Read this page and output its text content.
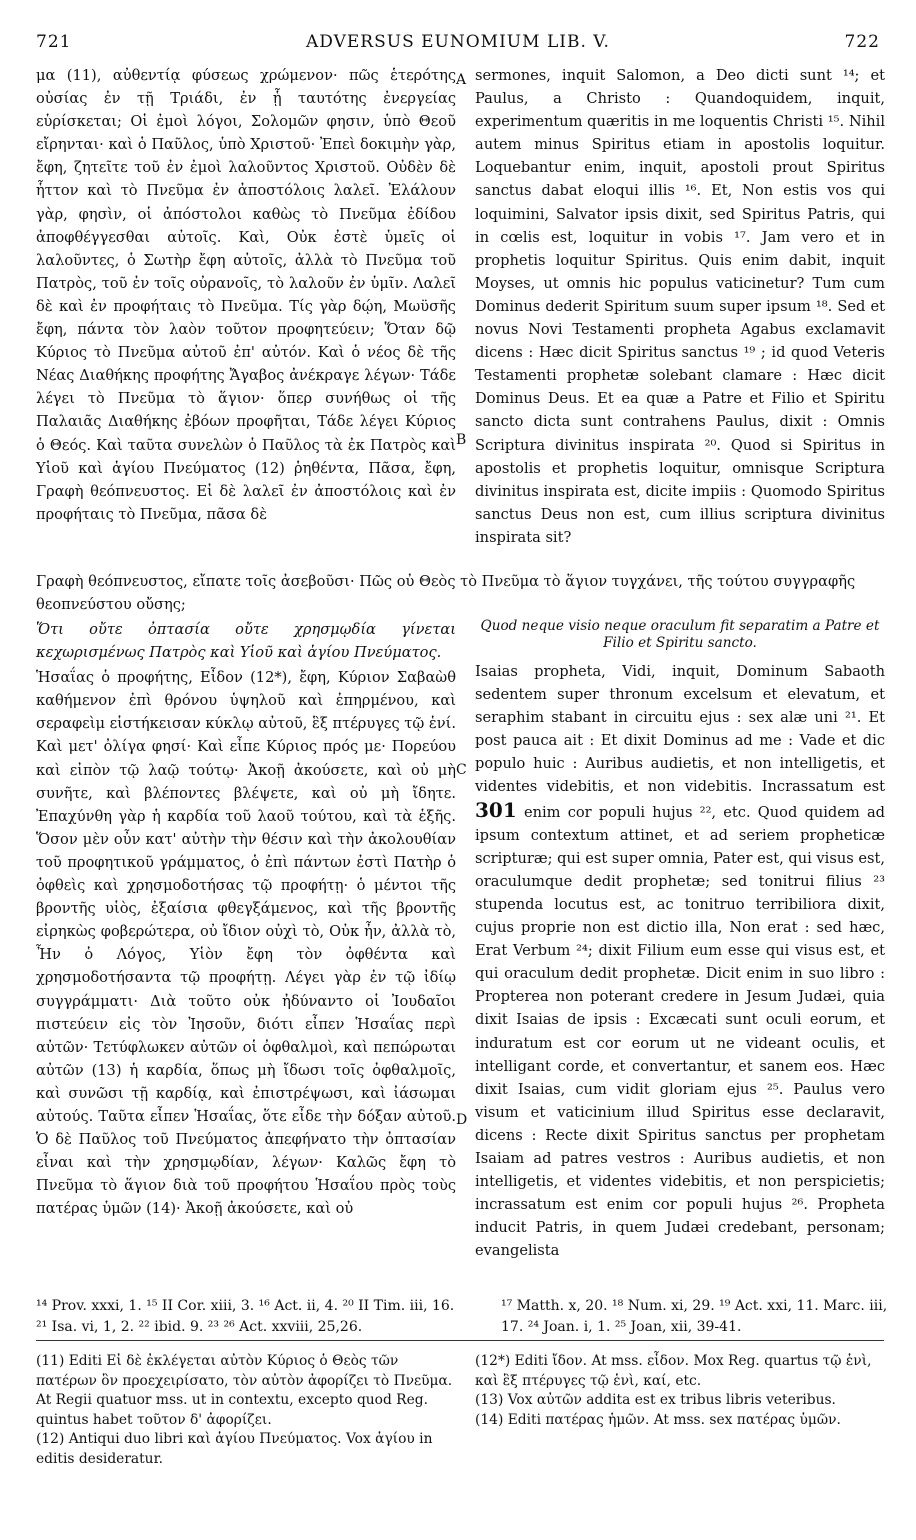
721	ADVERSUS EUNOMIUM LIB. V.	722

μα (11), αὐθεντίᾳ φύσεως χρώμενον· πῶς ἑτερότης οὐσίας ἐν τῇ Τριάδι, ἐν ᾗ ταυτότης ἐνεργείας εὑρίσκεται; Οἱ ἐμοὶ λόγοι, Σολομῶν φησιν, ὑπὸ Θεοῦ εἴρηνται· καὶ ὁ Παῦλος, ὑπὸ Χριστοῦ· Ἐπεὶ δοκιμὴν γὰρ, ἔφη, ζητεῖτε τοῦ ἐν ἐμοὶ λαλοῦντος Χριστοῦ. Οὐδὲν δὲ ἧττον καὶ τὸ Πνεῦμα ἐν ἀποστόλοις λαλεῖ. Ἐλάλουν γὰρ, φησὶν, οἱ ἀπόστολοι καθὼς τὸ Πνεῦμα ἐδίδου ἀποφθέγγεσθαι αὐτοῖς. Καὶ, Οὐκ ἐστὲ ὑμεῖς οἱ λαλοῦντες, ὁ Σωτὴρ ἔφη αὐτοῖς, ἀλλὰ τὸ Πνεῦμα τοῦ Πατρὸς, τοῦ ἐν τοῖς οὐρανοῖς, τὸ λαλοῦν ἐν ὑμῖν. Λαλεῖ δὲ καὶ ἐν προφήταις τὸ Πνεῦμα. Τίς γὰρ δῴη, Μωϋσῆς ἔφη, πάντα τὸν λαὸν τοῦτον προφητεύειν; Ὅταν δῷ Κύριος τὸ Πνεῦμα αὐτοῦ ἐπ' αὐτόν. Καὶ ὁ νέος δὲ τῆς Νέας Διαθήκης προφήτης Ἄγαβος ἀνέκραγε λέγων· Τάδε λέγει τὸ Πνεῦμα τὸ ἅγιον· ὅπερ συνήθως οἱ τῆς Παλαιᾶς Διαθήκης ἐβόων προφῆται, Τάδε λέγει Κύριος ὁ Θεός. Καὶ ταῦτα συνελὼν ὁ Παῦλος τὰ ἐκ Πατρὸς καὶ Υἱοῦ καὶ ἁγίου Πνεύματος (12) ῥηθέντα, Πᾶσα, ἔφη, Γραφὴ θεόπνευστος. Εἰ δὲ λαλεῖ ἐν ἀποστόλοις καὶ ἐν προφήταις τὸ Πνεῦμα, πᾶσα δὲ

sermones, inquit Salomon, a Deo dicti sunt ¹⁴; et Paulus, a Christo : Quandoquidem, inquit, experimentum quæritis in me loquentis Christi ¹⁵. Nihil autem minus Spiritus etiam in apostolis loquitur. Loquebantur enim, inquit, apostoli prout Spiritus sanctus dabat eloqui illis ¹⁶. Et, Non estis vos qui loquimini, Salvator ipsis dixit, sed Spiritus Patris, qui in cœlis est, loquitur in vobis ¹⁷. Jam vero et in prophetis loquitur Spiritus. Quis enim dabit, inquit Moyses, ut omnis hic populus vaticinetur? Tum cum Dominus dederit Spiritum suum super ipsum ¹⁸. Sed et novus Novi Testamenti propheta Agabus exclamavit dicens : Hæc dicit Spiritus sanctus ¹⁹ ; id quod Veteris Testamenti prophetæ solebant clamare : Hæc dicit Dominus Deus. Et ea quæ a Patre et Filio et Spiritu sancto dicta sunt contrahens Paulus, dixit : Omnis Scriptura divinitus inspirata ²⁰. Quod si Spiritus in apostolis et prophetis loquitur, omnisque Scriptura divinitus inspirata est, dicite impiis : Quomodo Spiritus sanctus Deus non est, cum illius scriptura divinitus inspirata sit?

A
B
C
D
Γραφὴ θεόπνευστος, εἴπατε τοῖς ἀσεβοῦσι· Πῶς οὐ Θεὸς τὸ Πνεῦμα τὸ ἅγιον τυγχάνει, τῆς τούτου συγγραφῆς θεοπνεύστου οὔσης;

Ὅτι οὔτε ὀπτασία οὔτε χρησμῳδία γίνεται κεχωρισμένως Πατρὸς καὶ Υἱοῦ καὶ ἁγίου Πνεύματος.

Ἡσαΐας ὁ προφήτης, Εἶδον (12*), ἔφη, Κύριον Σαβαὼθ καθήμενον ἐπὶ θρόνου ὑψηλοῦ καὶ ἐπηρμένου, καὶ σεραφεὶμ εἱστήκεισαν κύκλῳ αὐτοῦ, ἓξ πτέρυγες τῷ ἑνί. Καὶ μετ' ὀλίγα φησί· Καὶ εἶπε Κύριος πρός με· Πορεύου καὶ εἰπὸν τῷ λαῷ τούτῳ· Ἀκοῇ ἀκούσετε, καὶ οὐ μὴ συνῆτε, καὶ βλέποντες βλέψετε, καὶ οὐ μὴ ἴδητε. Ἐπαχύνθη γὰρ ἡ καρδία τοῦ λαοῦ τούτου, καὶ τὰ ἑξῆς. Ὅσον μὲν οὖν κατ' αὐτὴν τὴν θέσιν καὶ τὴν ἀκολουθίαν τοῦ προφητικοῦ γράμματος, ὁ ἐπὶ πάντων ἐστὶ Πατὴρ ὁ ὀφθεὶς καὶ χρησμοδοτήσας τῷ προφήτῃ· ὁ μέντοι τῆς βροντῆς υἱὸς, ἐξαίσια φθεγξάμενος, καὶ τῆς βροντῆς εἰρηκὼς φοβερώτερα, οὐ ἴδιον οὐχὶ τὸ, Οὐκ ἦν, ἀλλὰ τὸ, Ἦν ὁ Λόγος, Υἱὸν ἔφη τὸν ὀφθέντα καὶ χρησμοδοτήσαντα τῷ προφήτῃ. Λέγει γὰρ ἐν τῷ ἰδίῳ συγγράμματι· Διὰ τοῦτο οὐκ ἠδύναντο οἱ Ἰουδαῖοι πιστεύειν εἰς τὸν Ἰησοῦν, διότι εἶπεν Ἡσαΐας περὶ αὐτῶν· Τετύφλωκεν αὐτῶν οἱ ὀφθαλμοὶ, καὶ πεπώρωται αὐτῶν (13) ἡ καρδία, ὅπως μὴ ἴδωσι τοῖς ὀφθαλμοῖς, καὶ συνῶσι τῇ καρδίᾳ, καὶ ἐπιστρέψωσι, καὶ ἰάσωμαι αὐτούς. Ταῦτα εἶπεν Ἡσαΐας, ὅτε εἶδε τὴν δόξαν αὐτοῦ. Ὁ δὲ Παῦλος τοῦ Πνεύματος ἀπεφήνατο τὴν ὀπτασίαν εἶναι καὶ τὴν χρησμῳδίαν, λέγων· Καλῶς ἔφη τὸ Πνεῦμα τὸ ἅγιον διὰ τοῦ προφήτου Ἡσαΐου πρὸς τοὺς πατέρας ὑμῶν (14)· Ἀκοῇ ἀκούσετε, καὶ οὐ

Quod neque visio neque oraculum fit separatim a Patre et Filio et Spiritu sancto.

Isaias propheta, Vidi, inquit, Dominum Sabaoth sedentem super thronum excelsum et elevatum, et seraphim stabant in circuitu ejus : sex alæ uni ²¹. Et post pauca ait : Et dixit Dominus ad me : Vade et dic populo huic : Auribus audietis, et non intelligetis, et videntes videbitis, et non videbitis. Incrassatum est 301 enim cor populi hujus ²², etc. Quod quidem ad ipsum contextum attinet, et ad seriem propheticæ scripturæ; qui est super omnia, Pater est, qui visus est, oraculumque dedit prophetæ; sed tonitrui filius ²³ stupenda locutus est, ac tonitruo terribiliora dixit, cujus proprie non est dictio illa, Non erat : sed hæc, Erat Verbum ²⁴; dixit Filium eum esse qui visus est, et qui oraculum dedit prophetæ. Dicit enim in suo libro : Propterea non poterant credere in Jesum Judæi, quia dixit Isaias de ipsis : Excæcati sunt oculi eorum, et induratum est cor eorum ut ne videant oculis, et intelligant corde, et convertantur, et sanem eos. Hæc dixit Isaias, cum vidit gloriam ejus ²⁵. Paulus vero visum et vaticinium illud Spiritus esse declaravit, dicens : Recte dixit Spiritus sanctus per prophetam Isaiam ad patres vestros : Auribus audietis, et non intelligetis, et videntes videbitis, et non perspicietis; incrassatum est enim cor populi hujus ²⁶. Propheta inducit Patris, in quem Judæi credebant, personam; evangelista

¹⁴ Prov. xxxi, 1. ¹⁵ II Cor. xiii, 3. ¹⁶ Act. ii, 4. ²⁰ II Tim. iii, 16. ²¹ Isa. vi, 1, 2. ²² ibid. 9. ²³ ²⁶ Act. xxviii, 25,26.
¹⁷ Matth. x, 20. ¹⁸ Num. xi, 29. ¹⁹ Act. xxi, 11. Marc. iii, 17. ²⁴ Joan. i, 1. ²⁵ Joan, xii, 39-41.

(11) Editi Εἰ δὲ ἐκλέγεται αὐτὸν Κύριος ὁ Θεὸς τῶν πατέρων ὃν προεχειρίσατο, τὸν αὐτὸν ἀφορίζει τὸ Πνεῦμα. At Regii quatuor mss. ut in contextu, excepto quod Reg. quintus habet τοῦτον δ' ἀφορίζει.

(12) Antiqui duo libri καὶ ἁγίου Πνεύματος. Vox ἁγίου in editis desideratur.

(12*) Editi ἴδον. At mss. εἶδον. Mox Reg. quartus τῷ ἑνὶ, καὶ ἓξ πτέρυγες τῷ ἑνὶ, καί, etc.

(13) Vox αὐτῶν addita est ex tribus libris veteribus.

(14) Editi πατέρας ἡμῶν. At mss. sex πατέρας ὑμῶν.
